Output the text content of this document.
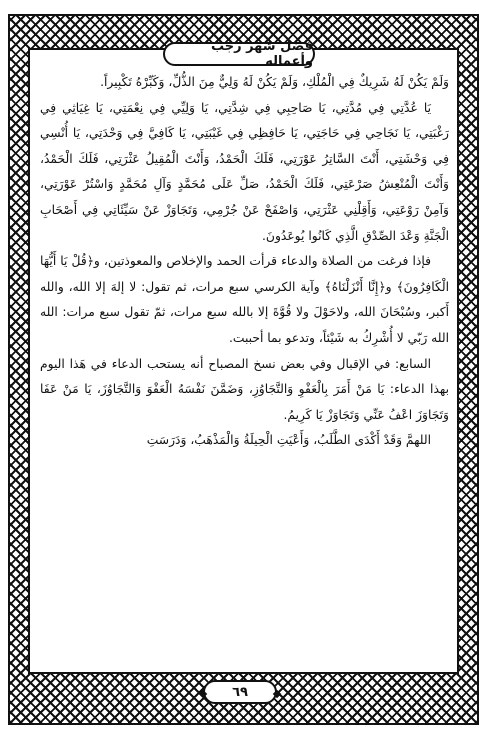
فضل شهر رجب وأعماله

وَلَمْ يَكُنْ لَهُ شَرِيكٌ فِي الْمُلْكِ، وَلَمْ يَكُنْ لَهُ وَلِيٌّ مِنَ الذُّلِّ، وَكَبِّرْهُ تَكْبِيراً.

يَا عُدَّتِي فِي مُدَّتِي، يَا صَاحِبِي فِي شِدَّتِي، يَا وَلِيِّي فِي نِعْمَتِي، يَا غِيَاثِي فِي رَغْبَتِي، يَا نَجَاحِي فِي حَاجَتِي، يَا حَافِظِي فِي غَيْبَتِي، يَا كَافِيَّ فِي وَحْدَتِي، يَا أُنْسِي فِي وَحْشَتِي، أَنْتَ السَّاتِرُ عَوْرَتِي، فَلَكَ الْحَمْدُ، وَأَنْتَ الْمُقِيلُ عَثْرَتِي، فَلَكَ الْحَمْدُ، وَأَنْتَ الْمُنْعِشُ صَرْعَتِي، فَلَكَ الْحَمْدُ، صَلِّ عَلَى مُحَمَّدٍ وَآلِ مُحَمَّدٍ وَاسْتُرْ عَوْرَتِي، وَآمِنْ رَوْعَتِي، وَأَقِلْنِي عَثْرَتِي، وَاصْفَحْ عَنْ جُرْمِي، وَتَجَاوَزْ عَنْ سَيِّئَاتِي فِي أَصْحَابِ الْجَنَّةِ وَعْدَ الصِّدْقِ الَّذِي كَانُوا يُوعَدُونَ.

فإذا فرغت من الصلاة والدعاء قرأت الحمد والإخلاص والمعوذتين، و﴿قُلْ يَا أَيُّهَا الْكَافِرُونَ﴾ و﴿إِنَّا أَنْزَلْنَاهُ﴾ وآية الكرسي سبع مرات، ثم تقول: لا إلهَ إلا الله، والله أَكبر، وسُبْحَانَ الله، ولاحَوْلَ ولا قُوَّةَ إلا بالله سبع مرات، ثمّ تقول سبع مرات: الله الله رَبّي لا أُشْرِكُ به شَيْئاً، وتدعو بما أحببت.

السابع: في الإقبال وفي بعض نسخ المصباح أنه يستحب الدعاء في هَذا اليوم بهذا الدعاء: يَا مَنْ أَمَرَ بِالْعَفْوِ وَالتَّجَاوُزِ، وَضَمَّنَ نَفْسَهُ الْعَفْوَ وَالتَّجَاوُزَ، يَا مَنْ عَفَا وَتَجَاوَزَ اعْفُ عَنِّي وَتَجَاوَزْ يَا كَرِيمُ.

اللهمَّ وَقَدْ أَكْدَى الطَّلَبُ، وَأَعْيَتِ الْحِيلَةُ وَالْمَذْهَبُ، وَدَرَسَتِ

٦٩
